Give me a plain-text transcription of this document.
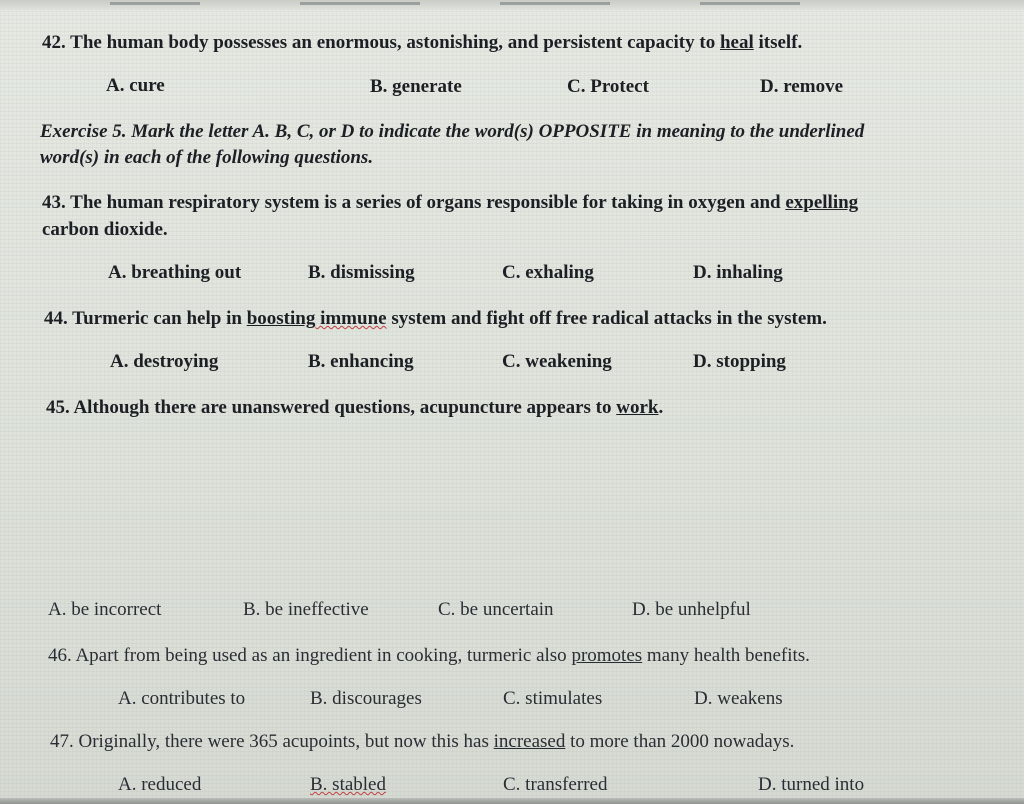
42. The human body possesses an enormous, astonishing, and persistent capacity to heal itself.
A. cure	B. generate	C. Protect	D. remove
Exercise 5. Mark the letter A. B, C, or D to indicate the word(s) OPPOSITE in meaning to the underlined
word(s) in each of the following questions.
43. The human respiratory system is a series of organs responsible for taking in oxygen and expelling
carbon dioxide.
A. breathing out	B. dismissing	C. exhaling	D. inhaling
44. Turmeric can help in boosting immune system and fight off free radical attacks in the system.
A. destroying	B. enhancing	C. weakening	D. stopping
45. Although there are unanswered questions, acupuncture appears to work.
A. be incorrect	B. be ineffective	C. be uncertain	D. be unhelpful
46. Apart from being used as an ingredient in cooking, turmeric also promotes many health benefits.
A. contributes to	B. discourages	C. stimulates	D. weakens
47. Originally, there were 365 acupoints, but now this has increased to more than 2000 nowadays.
A. reduced	B. stabled	C. transferred	D. turned into
